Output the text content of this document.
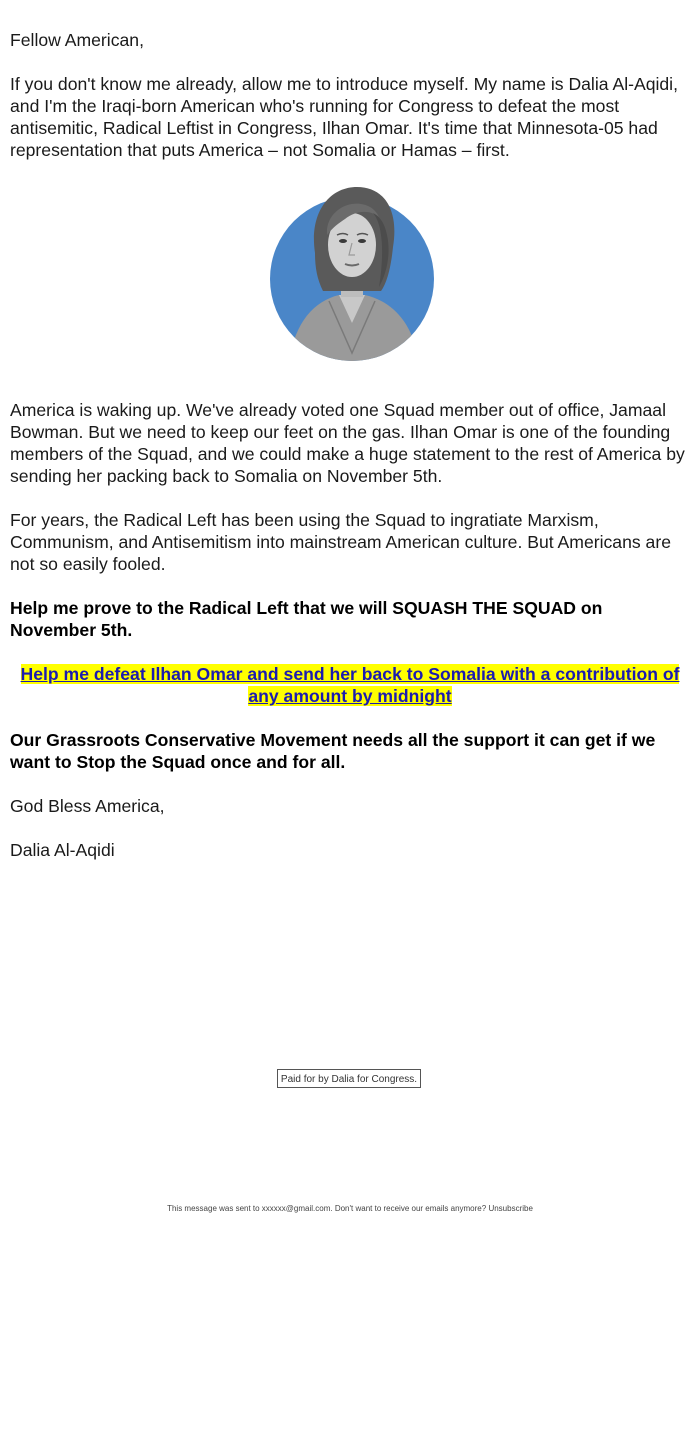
Fellow American,

If you don't know me already, allow me to introduce myself. My name is Dalia Al-Aqidi, and I'm the Iraqi-born American who's running for Congress to defeat the most antisemitic, Radical Leftist in Congress, Ilhan Omar. It's time that Minnesota-05 had representation that puts America – not Somalia or Hamas – first.

America is waking up. We've already voted one Squad member out of office, Jamaal Bowman. But we need to keep our feet on the gas. Ilhan Omar is one of the founding members of the Squad, and we could make a huge statement to the rest of America by sending her packing back to Somalia on November 5th.

For years, the Radical Left has been using the Squad to ingratiate Marxism, Communism, and Antisemitism into mainstream American culture. But Americans are not so easily fooled.

Help me prove to the Radical Left that we will SQUASH THE SQUAD on November 5th.

Help me defeat Ilhan Omar and send her back to Somalia with a contribution of any amount by midnight

Our Grassroots Conservative Movement needs all the support it can get if we want to Stop the Squad once and for all.

God Bless America,

Dalia Al-Aqidi

Paid for by Dalia for Congress.
This message was sent to xxxxxx@gmail.com. Don't want to receive our emails anymore? Unsubscribe
